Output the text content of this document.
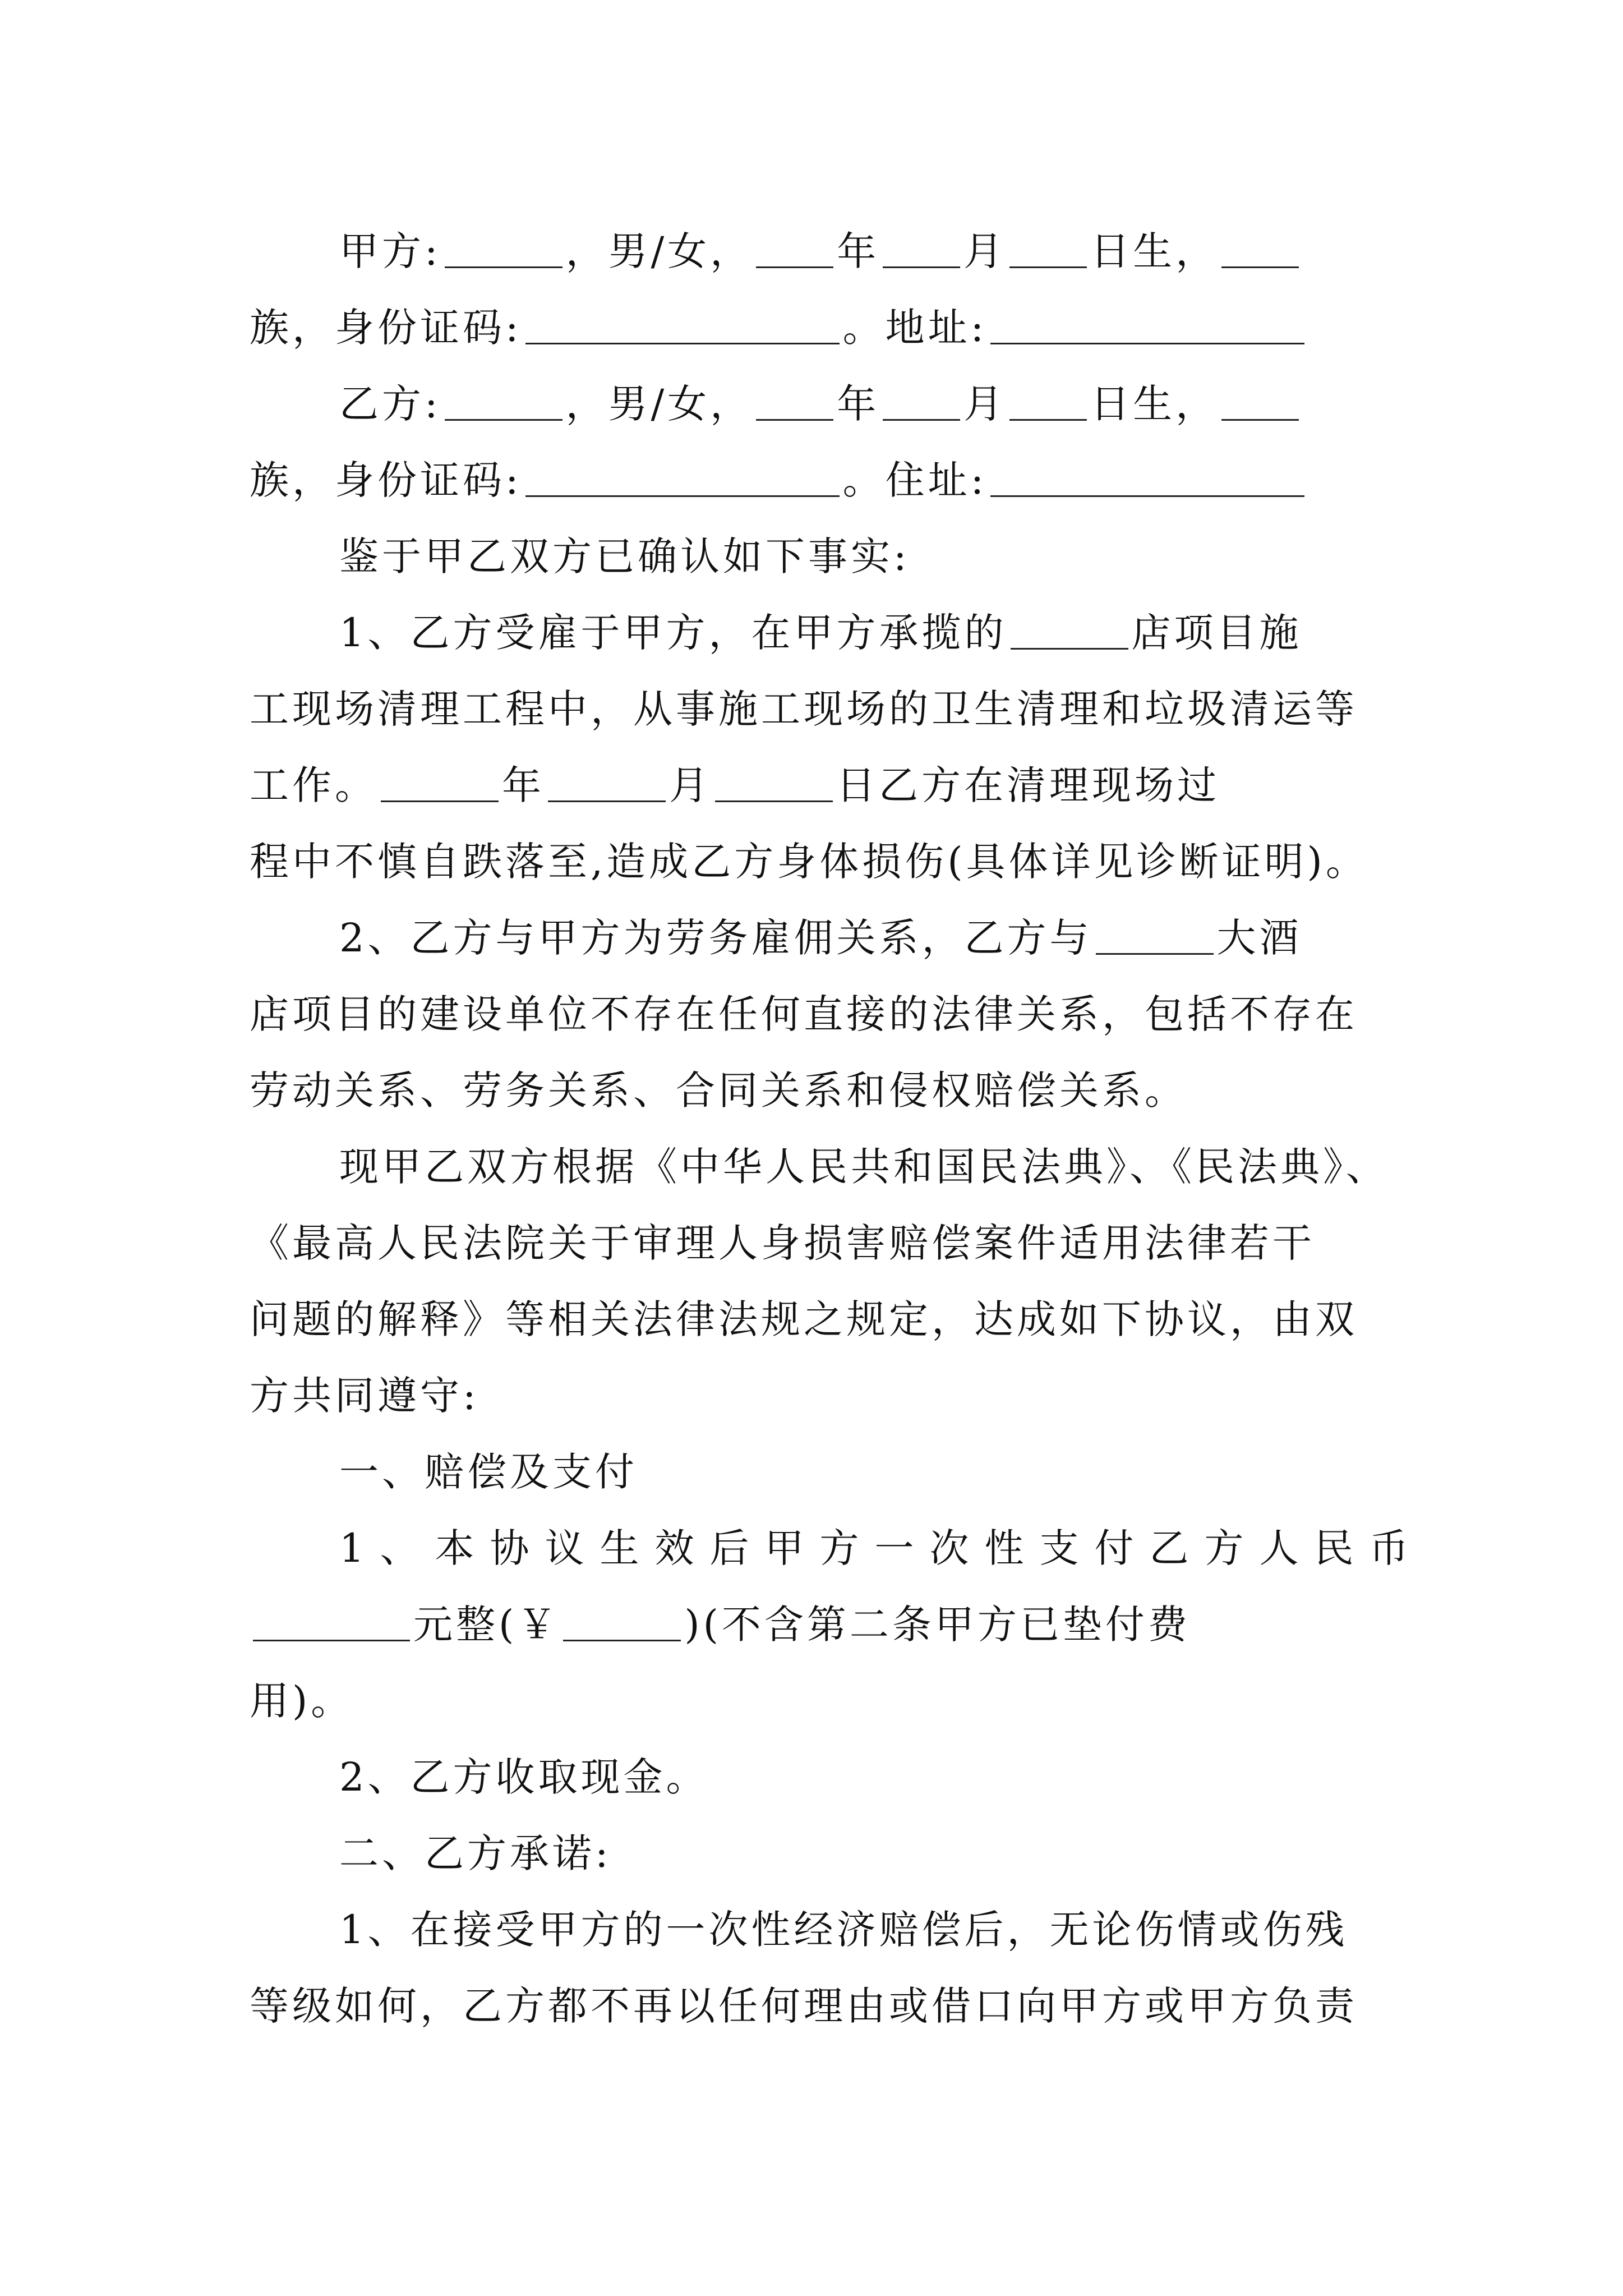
甲方:	，男/女， 年 月 日生，
族，身份证码:	。地址:
乙方:	，男/女， 年 月 日生，
族，身份证码:	。住址:
鉴于甲乙双方已确认如下事实:
1、乙方受雇于甲方，在甲方承揽的	店项目施
工现场清理工程中，从事施工现场的卫生清理和垃圾清运等
工作。	年	月	日乙方在清理现场过
程中不慎自跌落至,造成乙方身体损伤(具体详见诊断证明)。
2、乙方与甲方为劳务雇佣关系，乙方与	大酒
店项目的建设单位不存在任何直接的法律关系，包括不存在
劳动关系、劳务关系、合同关系和侵权赔偿关系。
现甲乙双方根据《中华人民共和国民法典》、《民法典》、
《最高人民法院关于审理人身损害赔偿案件适用法律若干
问题的解释》等相关法律法规之规定，达成如下协议，由双
方共同遵守:
一、赔偿及支付
1、本协议生效后甲方一次性支付乙方人民币
元整(￥	)(不含第二条甲方已垫付费
用)。
2、乙方收取现金。
二、乙方承诺:
1、在接受甲方的一次性经济赔偿后，无论伤情或伤残
等级如何，乙方都不再以任何理由或借口向甲方或甲方负责
